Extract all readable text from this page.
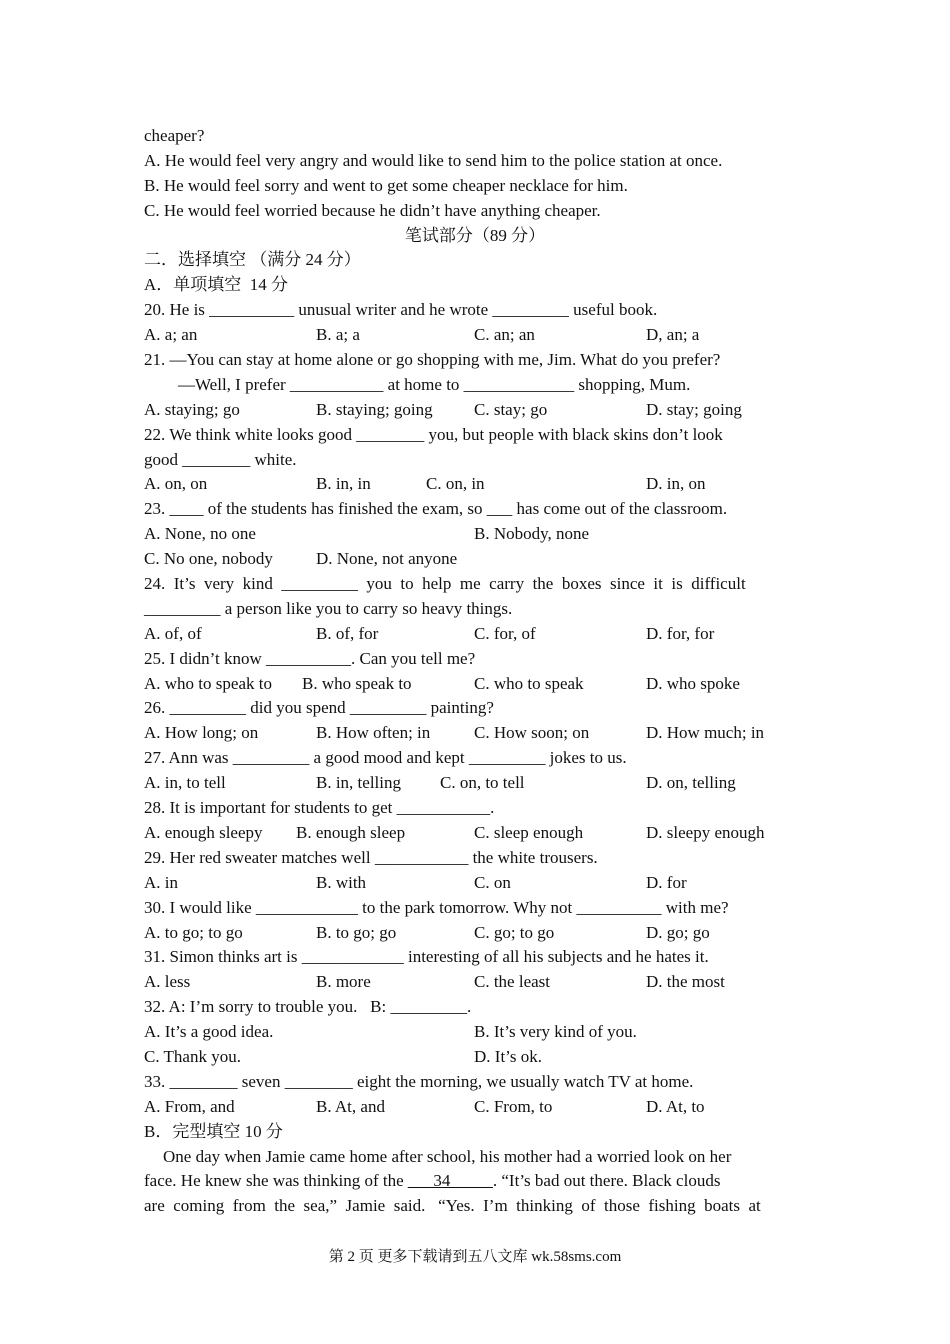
cheaper?
A. He would feel very angry and would like to send him to the police station at once.
B. He would feel sorry and went to get some cheaper necklace for him.
C. He would feel worried because he didn’t have anything cheaper.
笔试部分（89 分）
二．选择填空 （满分 24 分）
A．单项填空  14 分
20. He is __________ unusual writer and he wrote _________ useful book.
A. a; an	B. a; a	C. an; an	D, an; a
21. —You can stay at home alone or go shopping with me, Jim. What do you prefer?
—Well, I prefer ___________ at home to _____________ shopping, Mum.
A. staying; go	B. staying; going C. stay; go	D. stay; going
22. We think white looks good ________ you, but people with black skins don’t look
good ________ white.
A. on, on	B. in, in	C. on, in	D. in, on
23. ____ of the students has finished the exam, so ___ has come out of the classroom.
A. None, no one	B. Nobody, none
C. No one, nobody	D. None, not anyone
24.  It’s  very  kind  _________  you  to  help  me  carry  the  boxes  since  it  is  difficult
_________ a person like you to carry so heavy things.
A. of, of	B. of, for	C. for, of	D. for, for
25. I didn’t know __________. Can you tell me?
A. who to speak to B. who speak to	C. who to speak	D. who spoke
26. _________ did you spend _________ painting?
A. How long; on	B. How often; in	C. How soon; on	D. How much; in
27. Ann was _________ a good mood and kept _________ jokes to us.
A. in, to tell	B. in, telling C. on, to tell	D. on, telling
28. It is important for students to get ___________.
A. enough sleepy B. enough sleep	C. sleep enough	D. sleepy enough
29. Her red sweater matches well ___________ the white trousers.
A. in	B. with	C. on	D. for
30. I would like ____________ to the park tomorrow. Why not __________ with me?
A. to go; to go	B. to go; go	C. go; to go	D. go; go
31. Simon thinks art is ____________ interesting of all his subjects and he hates it.
A. less	B. more	C. the least	D. the most
32. A: I’m sorry to trouble you.   B: _________.
A. It’s a good idea.	B. It’s very kind of you.
C. Thank you.	D. It’s ok.
33. ________ seven ________ eight the morning, we usually watch TV at home.
A. From, and	B. At, and	C. From, to	D. At, to
B．完型填空 10 分
One day when Jamie came home after school, his mother had a worried look on her
face. He knew she was thinking of the ___34_____. “It’s bad out there. Black clouds
are  coming  from  the  sea,”  Jamie  said.   “Yes.  I’m  thinking  of  those  fishing  boats  at
第 2 页 更多下载请到五八文库 wk.58sms.com
